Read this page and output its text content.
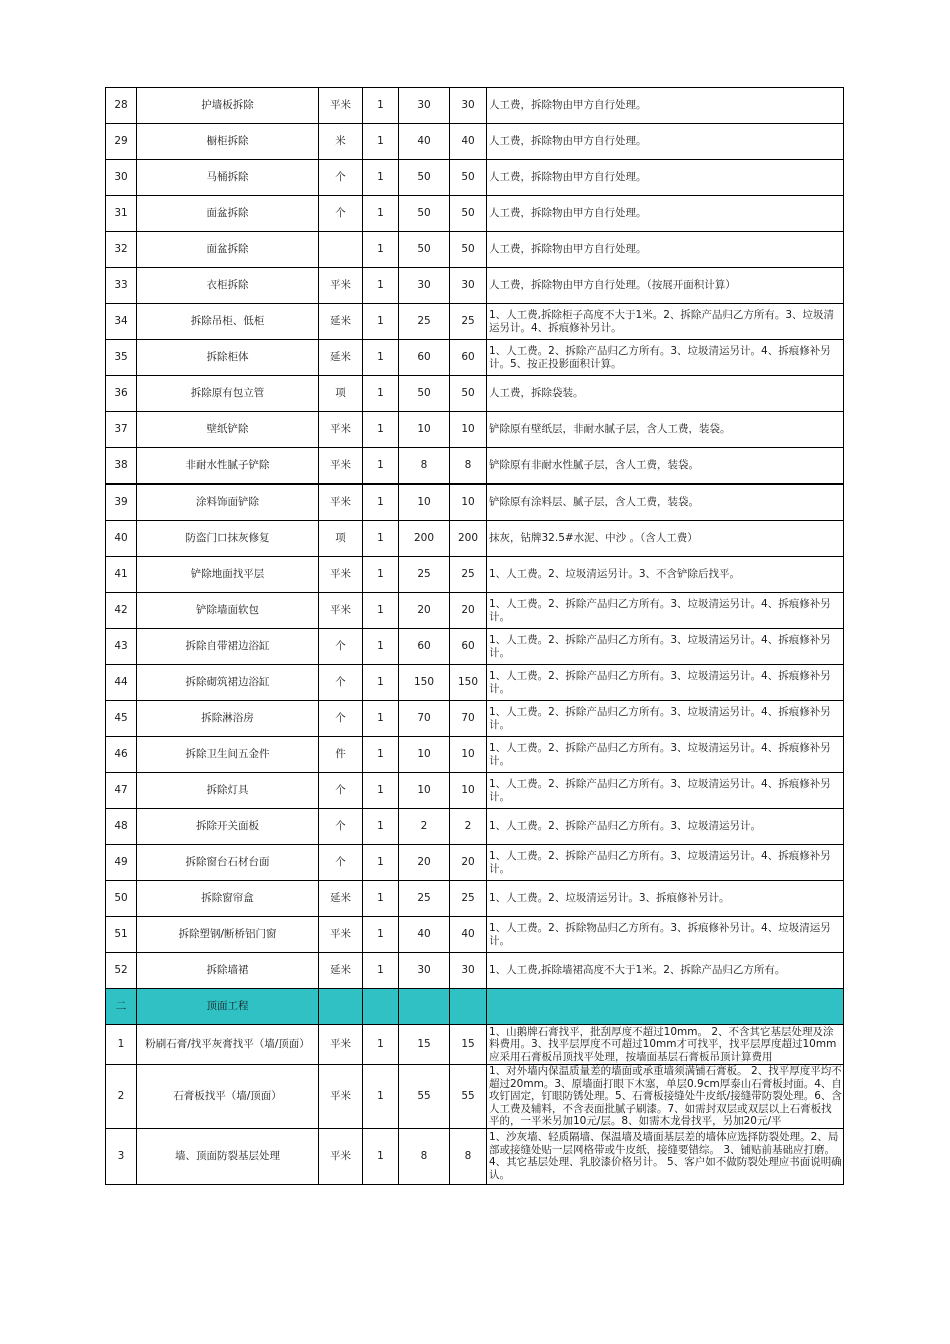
28	护墙板拆除	平米	1	30	30	人工费，拆除物由甲方自行处理。
29	橱柜拆除	米	1	40	40	人工费，拆除物由甲方自行处理。
30	马桶拆除	个	1	50	50	人工费，拆除物由甲方自行处理。
31	面盆拆除	个	1	50	50	人工费，拆除物由甲方自行处理。
32	面盆拆除		1	50	50	人工费，拆除物由甲方自行处理。
33	衣柜拆除	平米	1	30	30	人工费，拆除物由甲方自行处理。（按展开面积计算）
34	拆除吊柜、低柜	延米	1	25	25	1、人工费,拆除柜子高度不大于1米。2、拆除产品归乙方所有。3、垃圾清运另计。4、拆痕修补另计。
35	拆除柜体	延米	1	60	60	1、人工费。2、拆除产品归乙方所有。3、垃圾清运另计。4、拆痕修补另计。5、按正投影面积计算。
36	拆除原有包立管	项	1	50	50	人工费，拆除袋装。
37	壁纸铲除	平米	1	10	10	铲除原有壁纸层，非耐水腻子层，含人工费，装袋。
38	非耐水性腻子铲除	平米	1	8	8	铲除原有非耐水性腻子层，含人工费，装袋。
39	涂料饰面铲除	平米	1	10	10	铲除原有涂料层、腻子层，含人工费，装袋。
40	防盗门口抹灰修复	项	1	200	200	抹灰，钻牌32.5#水泥、中沙 。（含人工费）
41	铲除地面找平层	平米	1	25	25	1、人工费。2、垃圾清运另计。3、不含铲除后找平。
42	铲除墙面软包	平米	1	20	20	1、人工费。2、拆除产品归乙方所有。3、垃圾清运另计。4、拆痕修补另计。
43	拆除自带裙边浴缸	个	1	60	60	1、人工费。2、拆除产品归乙方所有。3、垃圾清运另计。4、拆痕修补另计。
44	拆除砌筑裙边浴缸	个	1	150	150	1、人工费。2、拆除产品归乙方所有。3、垃圾清运另计。4、拆痕修补另计。
45	拆除淋浴房	个	1	70	70	1、人工费。2、拆除产品归乙方所有。3、垃圾清运另计。4、拆痕修补另计。
46	拆除卫生间五金件	件	1	10	10	1、人工费。2、拆除产品归乙方所有。3、垃圾清运另计。4、拆痕修补另计。
47	拆除灯具	个	1	10	10	1、人工费。2、拆除产品归乙方所有。3、垃圾清运另计。4、拆痕修补另计。
48	拆除开关面板	个	1	2	2	1、人工费。2、拆除产品归乙方所有。3、垃圾清运另计。
49	拆除窗台石材台面	个	1	20	20	1、人工费。2、拆除产品归乙方所有。3、垃圾清运另计。4、拆痕修补另计。
50	拆除窗帘盒	延米	1	25	25	1、人工费。2、垃圾清运另计。3、拆痕修补另计。
51	拆除塑钢/断桥铝门窗	平米	1	40	40	1、人工费。2、拆除物品归乙方所有。3、拆痕修补另计。4、垃圾清运另计。
52	拆除墙裙	延米	1	30	30	1、人工费,拆除墙裙高度不大于1米。2、拆除产品归乙方所有。
二	顶面工程					
1	粉刷石膏/找平灰膏找平（墙/顶面）	平米	1	15	15	1、山鹅牌石膏找平，批刮厚度不超过10mm。 2、不含其它基层处理及涂料费用。3、找平层厚度不可超过10mm才可找平，找平层厚度超过10mm应采用石膏板吊顶找平处理，按墙面基层石膏板吊顶计算费用
2	石膏板找平（墙/顶面）	平米	1	55	55	1、对外墙内保温质量差的墙面或承重墙须满铺石膏板。 2、找平厚度平均不超过20mm。3、原墙面打眼下木塞，单层0.9cm厚泰山石膏板封面。4、自攻钉固定，钉眼防锈处理。5、石膏板接缝处牛皮纸/接缝带防裂处理。6、含人工费及辅料，不含表面批腻子刷漆。7、如需封双层或双层以上石膏板找平的，一平米另加10元/层。8、如需木龙骨找平，另加20元/平
3	墙、顶面防裂基层处理	平米	1	8	8	1、沙灰墙、轻质隔墙、保温墙及墙面基层差的墙体应选择防裂处理。2、局部或接缝处贴一层网格带或牛皮纸，接缝要错综。 3、铺贴前基础应打磨。4、其它基层处理、乳胶漆价格另计。 5、客户如不做防裂处理应书面说明确认。
